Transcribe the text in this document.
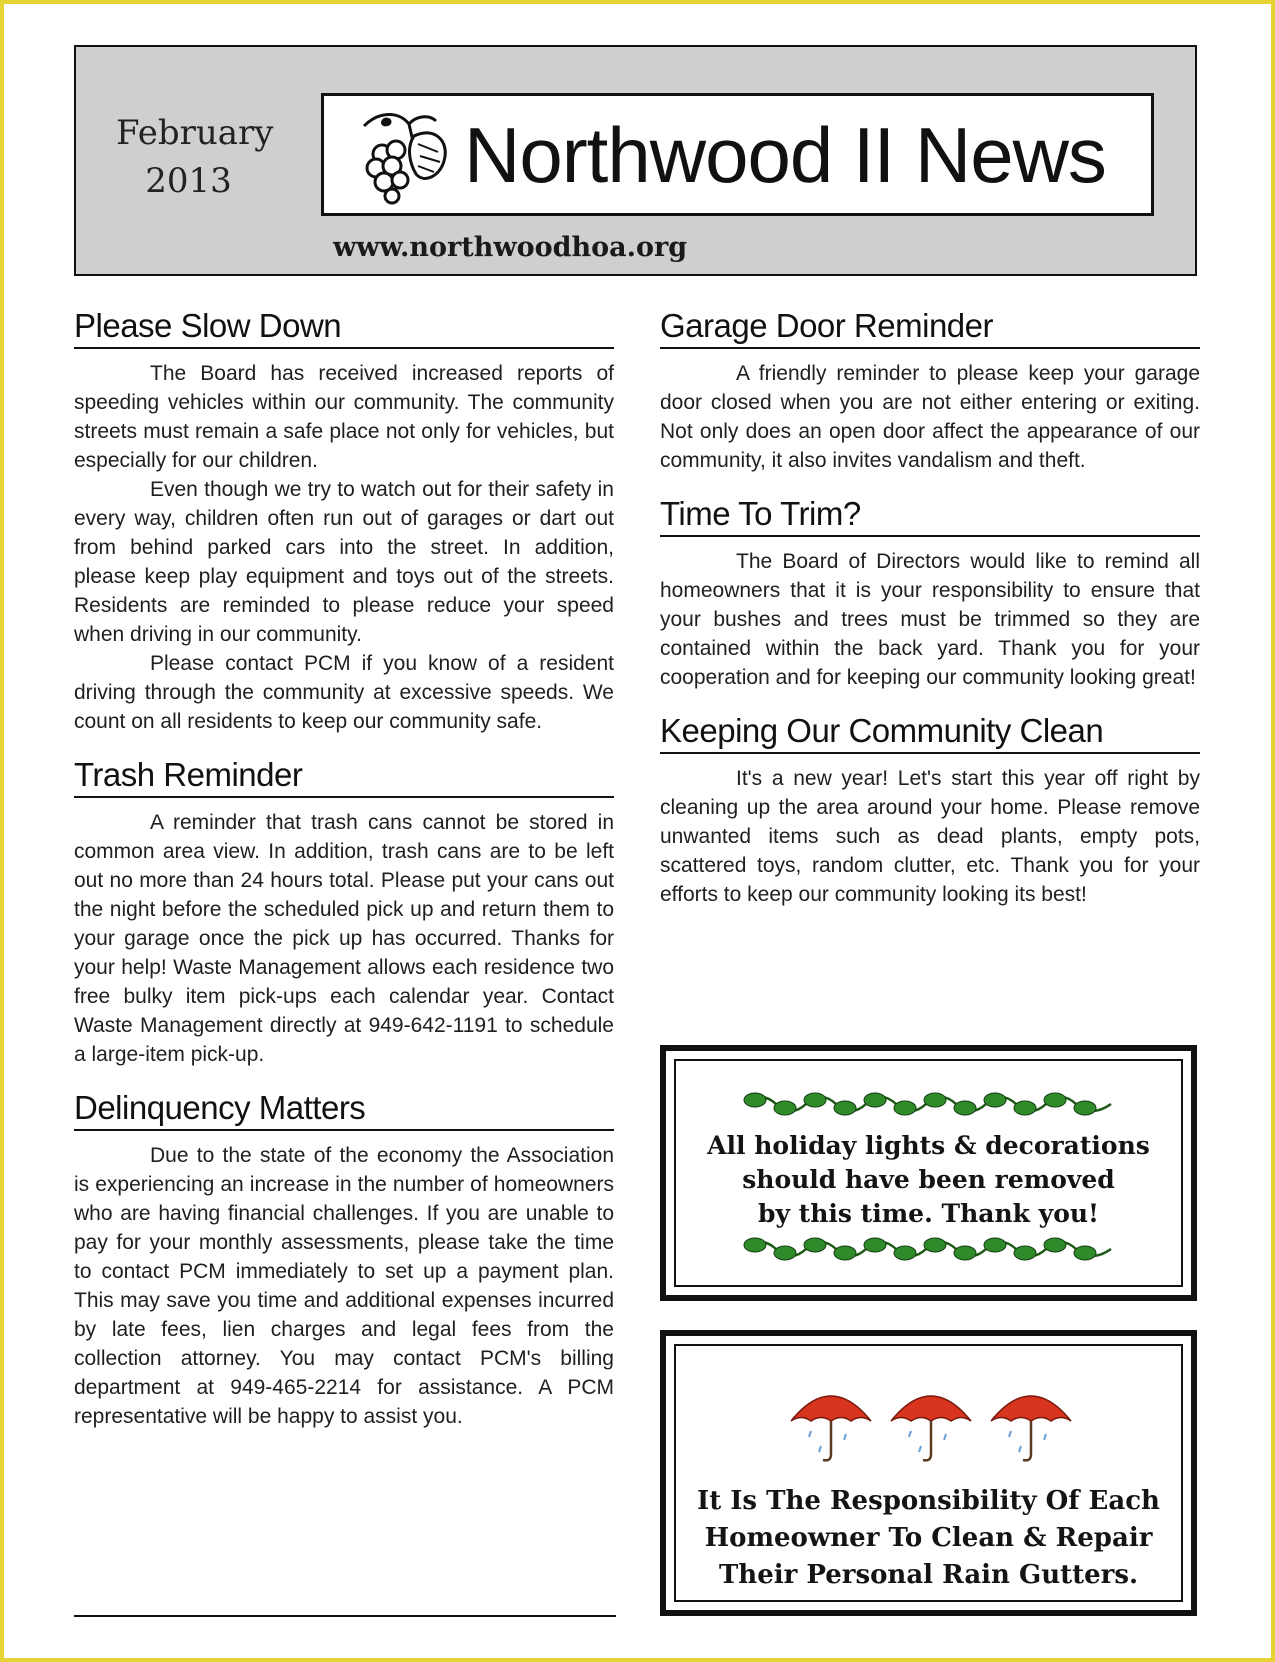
February
2013	Northwood II News
www.northwoodhoa.org
Please Slow Down

The Board has received increased reports of speeding vehicles within our community. The community streets must remain a safe place not only for vehicles, but especially for our children.

Even though we try to watch out for their safety in every way, children often run out of garages or dart out from behind parked cars into the street. In addition, please keep play equipment and toys out of the streets. Residents are reminded to please reduce your speed when driving in our community.

Please contact PCM if you know of a resident driving through the community at excessive speeds. We count on all residents to keep our community safe.

Trash Reminder

A reminder that trash cans cannot be stored in common area view. In addition, trash cans are to be left out no more than 24 hours total. Please put your cans out the night before the scheduled pick up and return them to your garage once the pick up has occurred. Thanks for your help! Waste Management allows each residence two free bulky item pick-ups each calendar year. Contact Waste Management directly at 949-642-1191 to schedule a large-item pick-up.

Delinquency Matters

Due to the state of the economy the Association is experiencing an increase in the number of homeowners who are having financial challenges. If you are unable to pay for your monthly assessments, please take the time to contact PCM immediately to set up a payment plan. This may save you time and additional expenses incurred by late fees, lien charges and legal fees from the collection attorney. You may contact PCM's billing department at 949-465-2214 for assistance. A PCM representative will be happy to assist you.

Garage Door Reminder

A friendly reminder to please keep your garage door closed when you are not either entering or exiting. Not only does an open door affect the appearance of our community, it also invites vandalism and theft.

Time To Trim?

The Board of Directors would like to remind all homeowners that it is your responsibility to ensure that your bushes and trees must be trimmed so they are contained within the back yard. Thank you for your cooperation and for keeping our community looking great!

Keeping Our Community Clean

It's a new year! Let's start this year off right by cleaning up the area around your home. Please remove unwanted items such as dead plants, empty pots, scattered toys, random clutter, etc. Thank you for your efforts to keep our community looking its best!

All holiday lights & decorations
should have been removed
by this time. Thank you!
It Is The Responsibility Of Each
Homeowner To Clean & Repair
Their Personal Rain Gutters.
